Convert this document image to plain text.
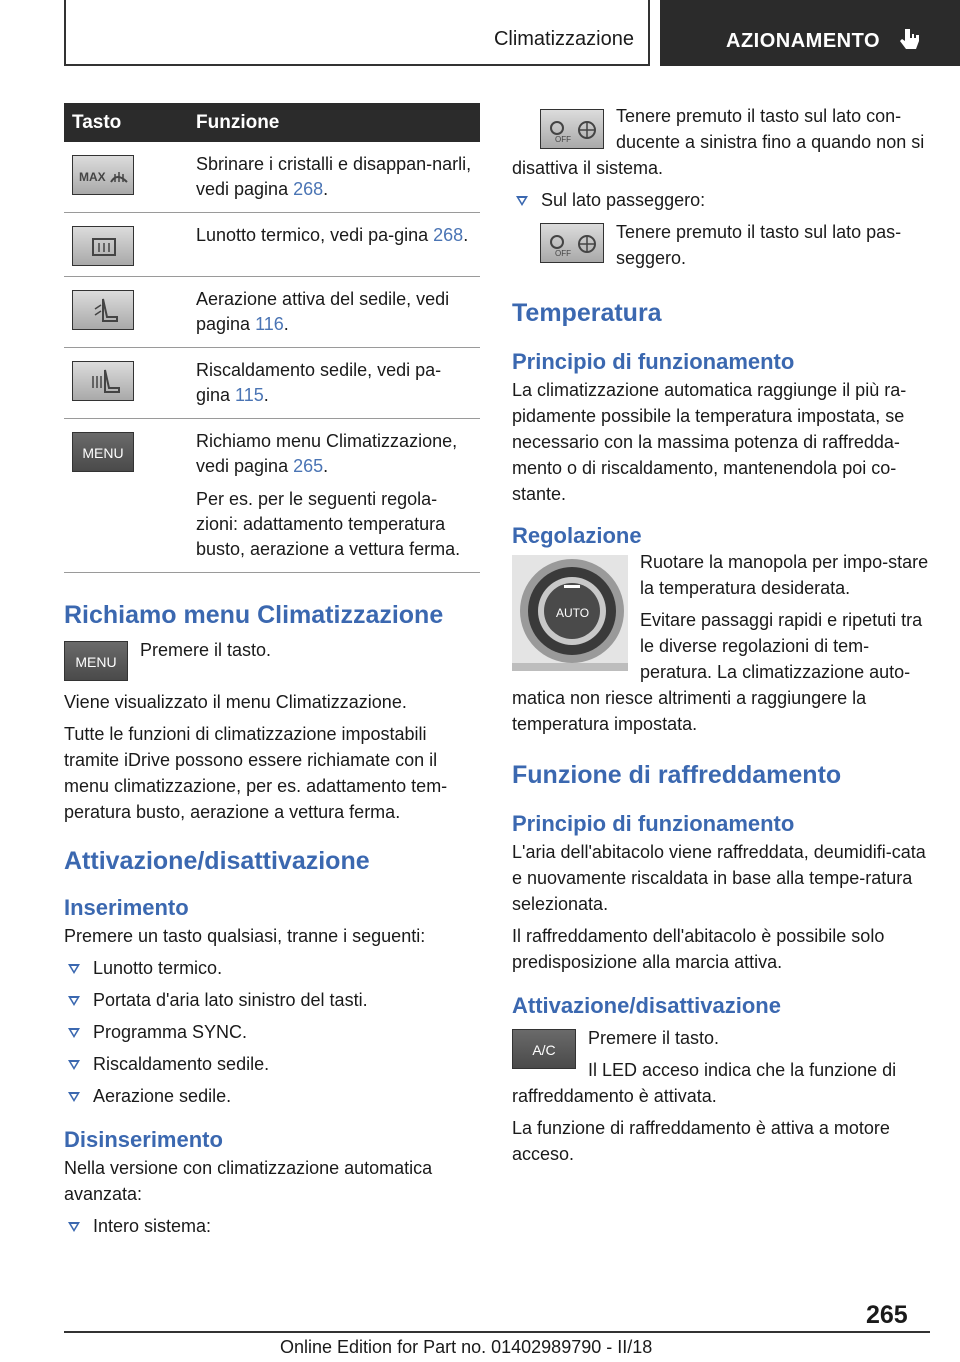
Climatizzazione	AZIONAMENTO
Tasto	Funzione

MAX	Sbrinare i cristalli e disappan-narli, vedi pagina 268.

Lunotto termico, vedi pa-gina 268.

Aerazione attiva del sedile, vedi pagina 116.

Riscaldamento sedile, vedi pa-gina 115.

MENU	Richiamo menu Climatizzazione, vedi pagina 265.

Per es. per le seguenti regola-zioni: adattamento temperatura busto, aerazione a vettura ferma.

Richiamo menu Climatizzazione
MENU

Premere il tasto.

Viene visualizzato il menu Climatizzazione.

Tutte le funzioni di climatizzazione impostabili tramite iDrive possono essere richiamate con il menu climatizzazione, per es. adattamento tem-peratura busto, aerazione a vettura ferma.

Attivazione/disattivazione
Inserimento

Premere un tasto qualsiasi, tranne i seguenti:

Lunotto termico.
Portata d'aria lato sinistro del tasti.
Programma SYNC.
Riscaldamento sedile.
Aerazione sedile.
Disinserimento

Nella versione con climatizzazione automatica avanzata:

Intero sistema:
OFF

Tenere premuto il tasto sul lato con-ducente a sinistra fino a quando non si disattiva il sistema.

Sul lato passeggero:
OFF

Tenere premuto il tasto sul lato pas-seggero.

Temperatura
Principio di funzionamento

La climatizzazione automatica raggiunge il più ra-pidamente possibile la temperatura impostata, se necessario con la massima potenza di raffredda-mento o di riscaldamento, mantenendola poi co-stante.

Regolazione
AUTO

Ruotare la manopola per impo-stare la temperatura desiderata.

Evitare passaggi rapidi e ripetuti tra le diverse regolazioni di tem-peratura. La climatizzazione auto-matica non riesce altrimenti a raggiungere la temperatura impostata.

Funzione di raffreddamento
Principio di funzionamento

L'aria dell'abitacolo viene raffreddata, deumidifi-cata e nuovamente riscaldata in base alla tempe-ratura selezionata.

Il raffreddamento dell'abitacolo è possibile solo predisposizione alla marcia attiva.

Attivazione/disattivazione
A/C

Premere il tasto.

Il LED acceso indica che la funzione di raffreddamento è attivata.

La funzione di raffreddamento è attiva a motore acceso.

265
Online Edition for Part no. 01402989790 - II/18
